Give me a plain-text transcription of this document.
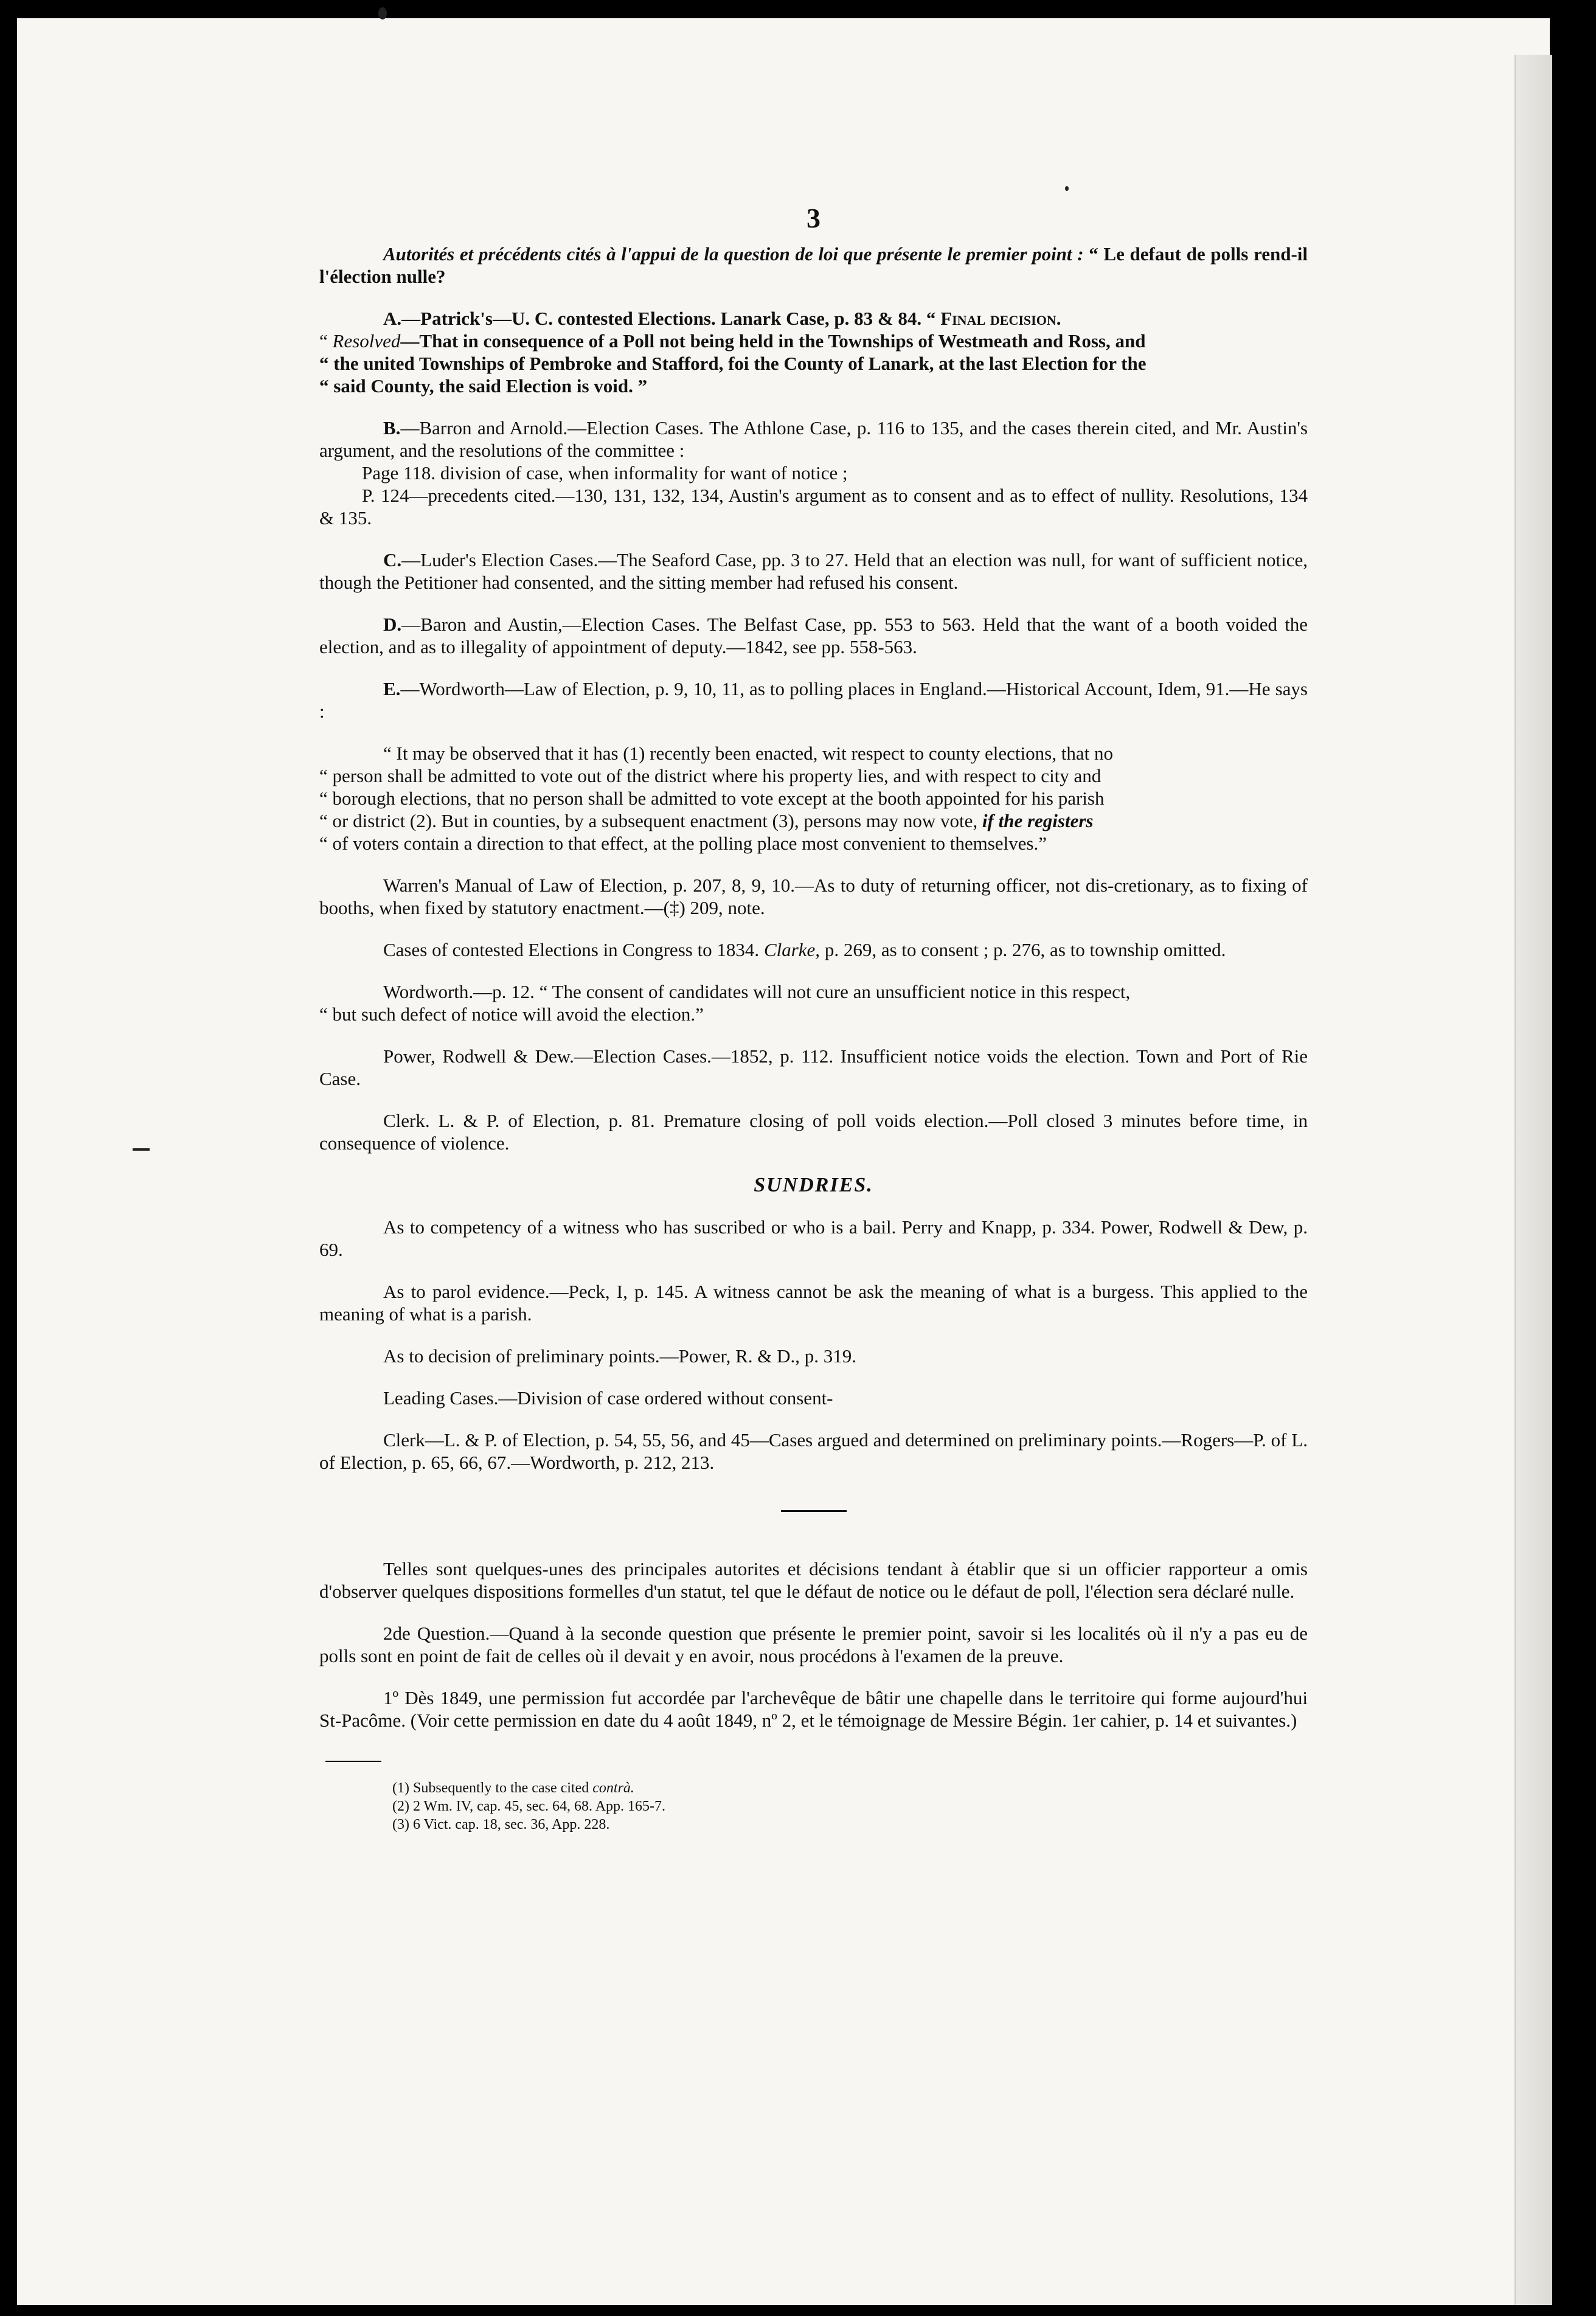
3

Autorités et précédents cités à l'appui de la question de loi que présente le premier point : “ Le defaut de polls rend-il l'élection nulle?

A.—Patrick's—U. C. contested Elections. Lanark Case, p. 83 & 84. “ Final decision.
“ Resolved—That in consequence of a Poll not being held in the Townships of Westmeath and Ross, and
“ the united Townships of Pembroke and Stafford, foi the County of Lanark, at the last Election for the
“ said County, the said Election is void. ”

B.—Barron and Arnold.—Election Cases. The Athlone Case, p. 116 to 135, and the cases therein cited, and Mr. Austin's argument, and the resolutions of the committee :

Page 118. division of case, when informality for want of notice ;

P. 124—precedents cited.—130, 131, 132, 134, Austin's argument as to consent and as to effect of nullity. Resolutions, 134 & 135.

C.—Luder's Election Cases.—The Seaford Case, pp. 3 to 27. Held that an election was null, for want of sufficient notice, though the Petitioner had consented, and the sitting member had refused his consent.

D.—Baron and Austin,—Election Cases. The Belfast Case, pp. 553 to 563. Held that the want of a booth voided the election, and as to illegality of appointment of deputy.—1842, see pp. 558-563.

E.—Wordworth—Law of Election, p. 9, 10, 11, as to polling places in England.—Historical Account, Idem, 91.—He says :

“ It may be observed that it has (1) recently been enacted, wit respect to county elections, that no

“ person shall be admitted to vote out of the district where his property lies, and with respect to city and

“ borough elections, that no person shall be admitted to vote except at the booth appointed for his parish

“ or district (2). But in counties, by a subsequent enactment (3), persons may now vote, if the registers

“ of voters contain a direction to that effect, at the polling place most convenient to themselves.”

Warren's Manual of Law of Election, p. 207, 8, 9, 10.—As to duty of returning officer, not dis-cretionary, as to fixing of booths, when fixed by statutory enactment.—(‡) 209, note.

Cases of contested Elections in Congress to 1834. Clarke, p. 269, as to consent ; p. 276, as to township omitted.

Wordworth.—p. 12. “ The consent of candidates will not cure an unsufficient notice in this respect,

“ but such defect of notice will avoid the election.”

Power, Rodwell & Dew.—Election Cases.—1852, p. 112. Insufficient notice voids the election. Town and Port of Rie Case.

Clerk. L. & P. of Election, p. 81. Premature closing of poll voids election.—Poll closed 3 minutes before time, in consequence of violence.

SUNDRIES.

As to competency of a witness who has suscribed or who is a bail. Perry and Knapp, p. 334. Power, Rodwell & Dew, p. 69.

As to parol evidence.—Peck, I, p. 145. A witness cannot be ask the meaning of what is a burgess. This applied to the meaning of what is a parish.

As to decision of preliminary points.—Power, R. & D., p. 319.

Leading Cases.—Division of case ordered without consent-

Clerk—L. & P. of Election, p. 54, 55, 56, and 45—Cases argued and determined on preliminary points.—Rogers—P. of L. of Election, p. 65, 66, 67.—Wordworth, p. 212, 213.

Telles sont quelques-unes des principales autorites et décisions tendant à établir que si un officier rapporteur a omis d'observer quelques dispositions formelles d'un statut, tel que le défaut de notice ou le défaut de poll, l'élection sera déclaré nulle.

2de Question.—Quand à la seconde question que présente le premier point, savoir si les localités où il n'y a pas eu de polls sont en point de fait de celles où il devait y en avoir, nous procédons à l'examen de la preuve.

1º Dès 1849, une permission fut accordée par l'archevêque de bâtir une chapelle dans le territoire qui forme aujourd'hui St-Pacôme. (Voir cette permission en date du 4 août 1849, nº 2, et le témoignage de Messire Bégin. 1er cahier, p. 14 et suivantes.)

(1) Subsequently to the case cited contrà.

(2) 2 Wm. IV, cap. 45, sec. 64, 68. App. 165-7.

(3) 6 Vict. cap. 18, sec. 36, App. 228.
